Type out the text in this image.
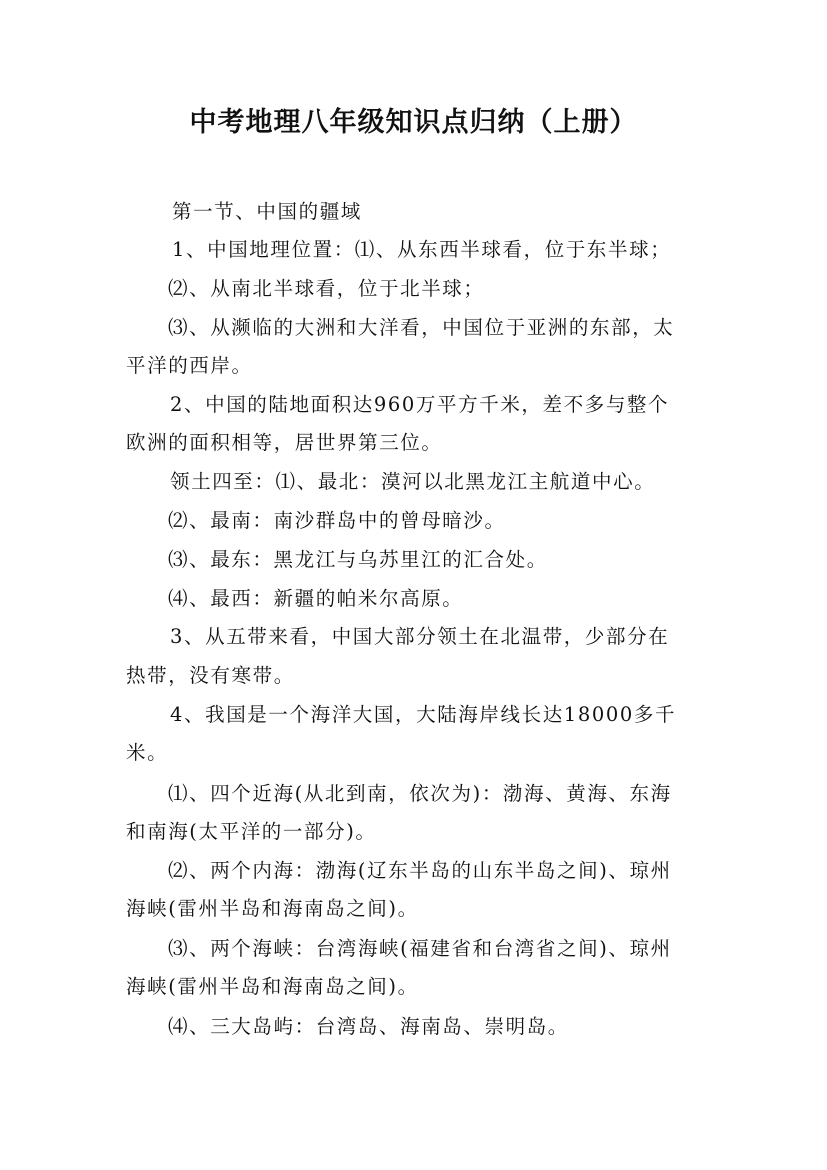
中考地理八年级知识点归纳（上册）
第一节、中国的疆域
1、中国地理位置：⑴、从东西半球看，位于东半球；
⑵、从南北半球看，位于北半球；
⑶、从濒临的大洲和大洋看，中国位于亚洲的东部，太
平洋的西岸。
2、中国的陆地面积达960万平方千米，差不多与整个
欧洲的面积相等，居世界第三位。
领土四至：⑴、最北：漠河以北黑龙江主航道中心。
⑵、最南：南沙群岛中的曾母暗沙。
⑶、最东：黑龙江与乌苏里江的汇合处。
⑷、最西：新疆的帕米尔高原。
3、从五带来看，中国大部分领土在北温带，少部分在
热带，没有寒带。
4、我国是一个海洋大国，大陆海岸线长达18000多千
米。
⑴、四个近海(从北到南，依次为)：渤海、黄海、东海
和南海(太平洋的一部分)。
⑵、两个内海：渤海(辽东半岛的山东半岛之间)、琼州
海峡(雷州半岛和海南岛之间)。
⑶、两个海峡：台湾海峡(福建省和台湾省之间)、琼州
海峡(雷州半岛和海南岛之间)。
⑷、三大岛屿：台湾岛、海南岛、崇明岛。
